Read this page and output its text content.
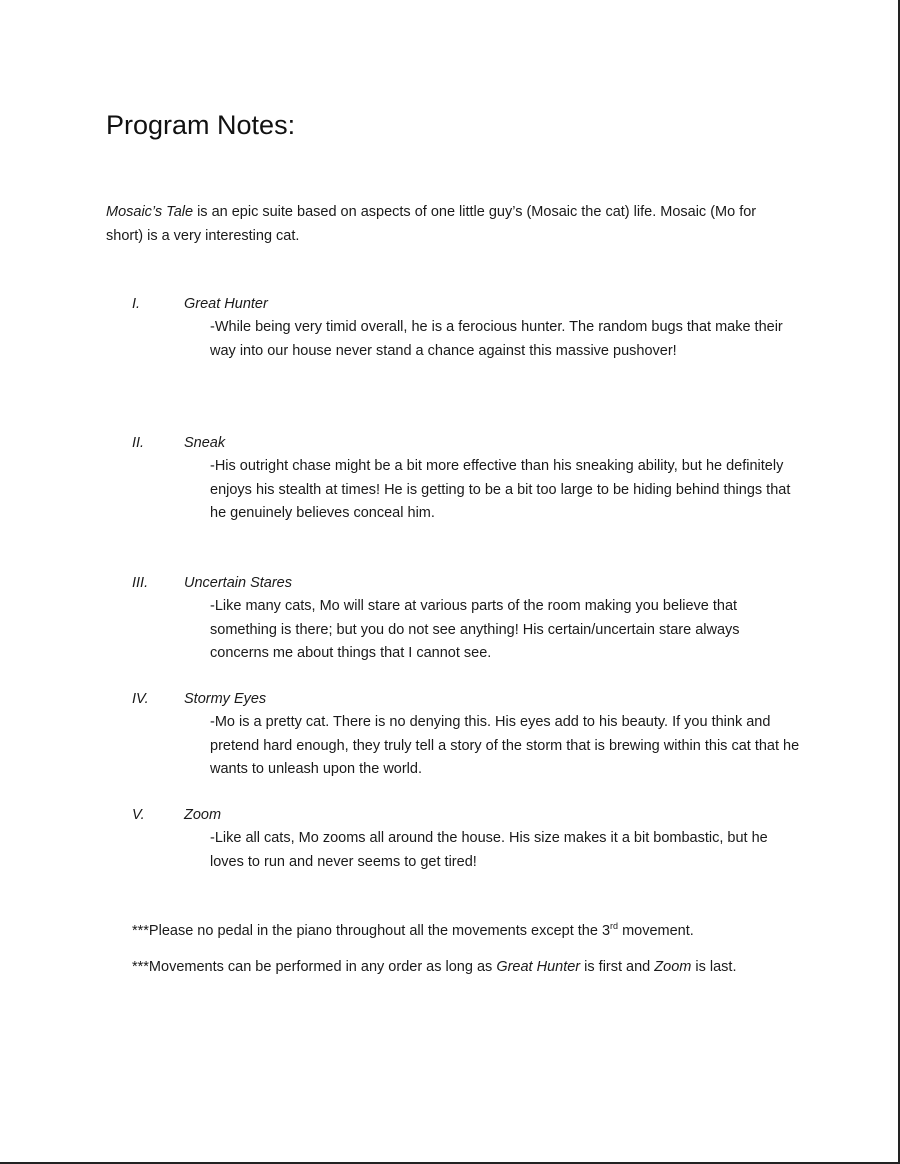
Program Notes:

Mosaic’s Tale is an epic suite based on aspects of one little guy’s (Mosaic the cat) life. Mosaic (Mo for short) is a very interesting cat.

I.	Great Hunter

-While being very timid overall, he is a ferocious hunter. The random bugs that make their way into our house never stand a chance against this massive pushover!

II.	Sneak

-His outright chase might be a bit more effective than his sneaking ability, but he definitely enjoys his stealth at times! He is getting to be a bit too large to be hiding behind things that he genuinely believes conceal him.

III. Uncertain Stares

-Like many cats, Mo will stare at various parts of the room making you believe that something is there; but you do not see anything! His certain/uncertain stare always concerns me about things that I cannot see.

IV. Stormy Eyes

-Mo is a pretty cat. There is no denying this. His eyes add to his beauty. If you think and pretend hard enough, they truly tell a story of the storm that is brewing within this cat that he wants to unleash upon the world.

V.	Zoom

-Like all cats, Mo zooms all around the house. His size makes it a bit bombastic, but he loves to run and never seems to get tired!

***Please no pedal in the piano throughout all the movements except the 3rd movement.

***Movements can be performed in any order as long as Great Hunter is first and Zoom is last.
